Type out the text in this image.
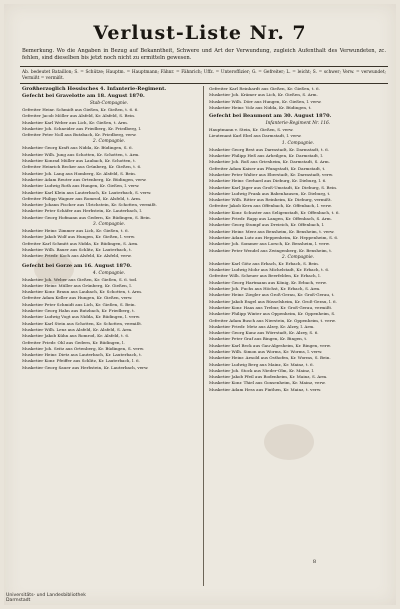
Verlust-Liste Nr. 7
Bemerkung. Wo die Angaben in Bezug auf Bekanntheit, Schwere und Art der Verwundung, zugleich Aufenthalt des Verwundeten, zc. fehlen, sind dieselben bis jetzt noch nicht zu ermitteln gewesen.
Ab. bedeutet Bataillon; S. = Schütze; Hauptm. = Hauptmann; Fähnr. = Fähnrich; Uffz. = Unteroffizier; G. = Gefreiter; L. = leicht; S. = schwer; Verw. = verwundet; Vermißt = vermißt.
Großherzoglich Hessisches 4. Infanterie-Regiment.
Gefecht bei Gravelotte am 18. August 1870.
Stab-Compagnie.
Gefreiter Heinr. Schmidt aus Gießen, Kr. Gießen, t. 6. 6.
Gefreiter Jacob Möller aus Alsfeld, Kr. Alsfeld, S. Bein.
Musketier Karl Weber aus Lich, Kr. Gießen, t. Arm.
Musketier Joh. Schneider aus Friedberg, Kr. Friedberg, l.
Gefreiter Peter Noll aus Butzbach, Kr. Friedberg, verw.
2. Compagnie.
Musketier Georg Kraft aus Nidda, Kr. Büdingen, S. 6.
Musketier Wilh. Jung aus Schotten, Kr. Schotten, t. Arm.
Musketier Konrad Müller aus Laubach, Kr. Schotten, t.
Gefreiter Heinrich Becker aus Grünberg, Kr. Gießen, t. 6.
Musketier Joh. Lang aus Homberg, Kr. Alsfeld, S. Bein.
Musketier Adam Reuter aus Ortenberg, Kr. Büdingen, verw.
Musketier Ludwig Roth aus Hungen, Kr. Gießen, l. verw.
Musketier Karl Klein aus Lauterbach, Kr. Lauterbach, S. verw.
Gefreiter Philipp Wagner aus Romrod, Kr. Alsfeld, t. Arm.
Musketier Johann Fischer aus Ulrichstein, Kr. Schotten, vermißt.
Musketier Peter Schäfer aus Herbstein, Kr. Lauterbach, l.
Musketier Georg Hofmann aus Gedern, Kr. Büdingen, S. Bein.
3. Compagnie.
Musketier Heinr. Zimmer aus Lich, Kr. Gießen, t. 6.
Musketier Jakob Wolf aus Hungen, Kr. Gießen, l. verw.
Gefreiter Karl Schmitt aus Nidda, Kr. Büdingen, S. Arm.
Musketier Wilh. Bauer aus Schlitz, Kr. Lauterbach, t.
Musketier Friedr. Koch aus Alsfeld, Kr. Alsfeld, verw.
Gefecht bei Gorze am 16. August 1870.
4. Compagnie.
Musketier Joh. Weber aus Gießen, Kr. Gießen, S. 6. tod.
Musketier Heinr. Müller aus Grünberg, Kr. Gießen, l.
Musketier Konr. Braun aus Laubach, Kr. Schotten, t. Arm.
Gefreiter Adam Keller aus Hungen, Kr. Gießen, verw.
Musketier Peter Schmidt aus Lich, Kr. Gießen, S. Bein.
Musketier Georg Hahn aus Butzbach, Kr. Friedberg, t.
Musketier Ludwig Vogt aus Nidda, Kr. Büdingen, l. verw.
Musketier Karl Stein aus Schotten, Kr. Schotten, vermißt.
Musketier Wilh. Lenz aus Alsfeld, Kr. Alsfeld, S. Arm.
Musketier Jakob Kühn aus Romrod, Kr. Alsfeld, t. 6.
Gefreiter Friedr. Ohl aus Gedern, Kr. Büdingen, l.
Musketier Joh. Seitz aus Ortenberg, Kr. Büdingen, S. verw.
Musketier Heinr. Dietz aus Lauterbach, Kr. Lauterbach, t.
Musketier Konr. Pfeiffer aus Schlitz, Kr. Lauterbach, l. 6.
Musketier Georg Sauer aus Herbstein, Kr. Lauterbach, verw.
Gefreiter Karl Reinhardt aus Gießen, Kr. Gießen, t. 6.
Musketier Joh. Krämer aus Lich, Kr. Gießen, S. Arm.
Musketier Wilh. Dörr aus Hungen, Kr. Gießen, l. verw.
Musketier Heinr. Volz aus Nidda, Kr. Büdingen, t.
Gefecht bei Beaumont am 30. August 1870.
Infanterie-Regiment Nr. 116.
Hauptmann v. Stein, Kr. Gießen, S. verw.
Lieutenant Karl Ebel aus Darmstadt, l. verw.
1. Compagnie.
Musketier Georg Best aus Darmstadt, Kr. Darmstadt, t. 6.
Musketier Philipp Heß aus Arheilgen, Kr. Darmstadt, l.
Musketier Joh. Roß aus Griesheim, Kr. Darmstadt, S. Arm.
Gefreiter Adam Kaiser aus Pfungstadt, Kr. Darmstadt, t.
Musketier Peter Walter aus Eberstadt, Kr. Darmstadt, verw.
Musketier Heinr. Gerhard aus Dieburg, Kr. Dieburg, l. 6.
Musketier Karl Jäger aus Groß-Umstadt, Kr. Dieburg, S. Bein.
Musketier Ludwig Frank aus Babenhausen, Kr. Dieburg, t.
Musketier Wilh. Ritter aus Reinheim, Kr. Dieburg, vermißt.
Gefreiter Jakob Kern aus Offenbach, Kr. Offenbach, l. verw.
Musketier Konr. Schuster aus Seligenstadt, Kr. Offenbach, t. 6.
Musketier Friedr. Rapp aus Langen, Kr. Offenbach, S. Arm.
Musketier Georg Stumpf aus Dreieich, Kr. Offenbach, l.
Musketier Heinr. Merz aus Bensheim, Kr. Bensheim, t. verw.
Musketier Adam Lutz aus Heppenheim, Kr. Heppenheim, S. 6.
Musketier Joh. Sommer aus Lorsch, Kr. Bensheim, l. verw.
Musketier Peter Wendel aus Zwingenberg, Kr. Bensheim, t.
2. Compagnie.
Musketier Karl Götz aus Erbach, Kr. Erbach, S. Bein.
Musketier Ludwig Mohr aus Michelstadt, Kr. Erbach, t. 6.
Gefreiter Wilh. Scheuer aus Beerfelden, Kr. Erbach, l.
Musketier Georg Hartmann aus König, Kr. Erbach, verw.
Musketier Joh. Fuchs aus Höchst, Kr. Erbach, S. Arm.
Musketier Heinr. Ziegler aus Groß-Gerau, Kr. Groß-Gerau, t.
Musketier Jakob Engel aus Rüsselsheim, Kr. Groß-Gerau, l. 6.
Musketier Konr. Haas aus Trebur, Kr. Groß-Gerau, vermißt.
Musketier Philipp Winter aus Oppenheim, Kr. Oppenheim, S.
Gefreiter Adam Busch aus Nierstein, Kr. Oppenheim, t. verw.
Musketier Friedr. Metz aus Alzey, Kr. Alzey, l. Arm.
Musketier Georg Kunz aus Wörrstadt, Kr. Alzey, S. 6.
Musketier Peter Graf aus Bingen, Kr. Bingen, t.
Musketier Karl Beck aus Gau-Algesheim, Kr. Bingen, verw.
Musketier Wilh. Simon aus Worms, Kr. Worms, l. verw.
Musketier Heinr. Arnold aus Osthofen, Kr. Worms, S. Bein.
Musketier Ludwig Berg aus Mainz, Kr. Mainz, t. 6.
Musketier Joh. Stock aus Nieder-Olm, Kr. Mainz, l.
Musketier Jakob Pfeil aus Bodenheim, Kr. Mainz, S. Arm.
Musketier Konr. Thiel aus Gonsenheim, Kr. Mainz, verw.
Musketier Adam Hess aus Finthen, Kr. Mainz, t. verw.
8
Universitäts- und Landesbibliothek
Darmstadt
